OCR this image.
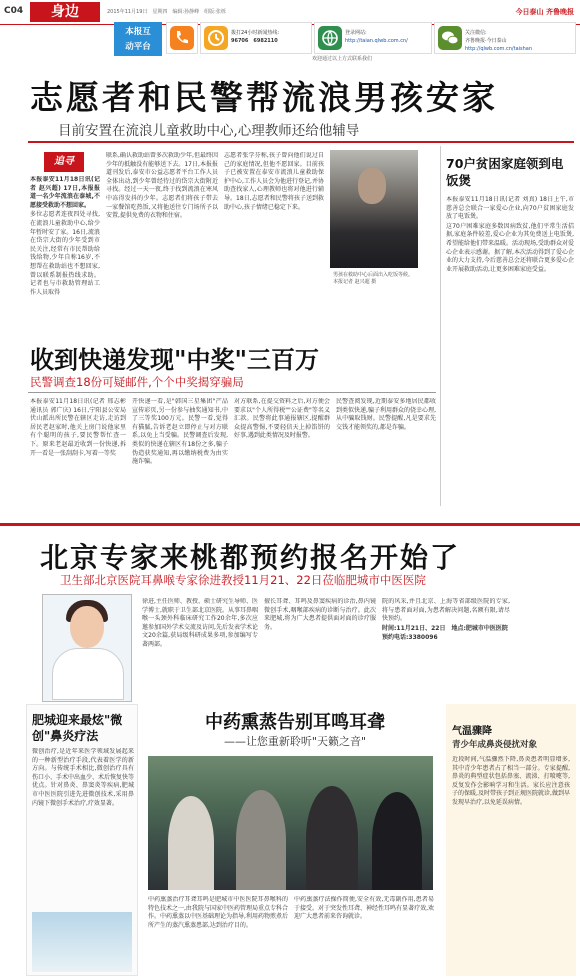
C04	身边	2015年11月19日　星期四　编辑:孙静峰　组版:张栎	今日泰山 齐鲁晚报
本报互
动平台
拨打24小时新闻热线:
96706　6982110
登录网站:
http://taian.qlwb.com.cn/
关注微信:
齐鲁晚报·今日泰山
http://qlwb.com.cn/taishan
欢迎通过以上方式联系我们
志愿者和民警帮流浪男孩安家
目前安置在流浪儿童救助中心,心理教师还给他辅导
追寻

本报泰安11月18日讯(记者 赵兴超) 17日,本报报道一名少年流浪在泰城,不愿接受救助不想回家。

多位志愿者连夜四处寻找,在流浪儿童救助中心,给少年暂时安了家。16日,流浪在岱宗大街的少年受到市民关注,经常有市民帮助给钱给物,少年自称16岁,不想帮在救助站也不想回家,曾以联系制报热线求助。记者也与市救助管理站工作人员取得

联系,确认救助站曾多次救助少年,但最终因少年的抵触没有能够送下去。17日,本报报道刊发后,泰安市公益志愿者平台工作人员全体出动,到少年曾经待过的岱宗大街附近寻找。经过一天一夜,终于找到流浪在寒风中冻得发抖的少年。志愿者们将孩子带去一家餐馆吃热饭,又将他送往专门场所予以安置,提供免费的衣物和住宿。

志愿者张学芬称,孩子曾向他们说过自己的家庭情况,但他不愿回家。目前孩子已被安置在泰安市流浪儿童救助保护中心,工作人员会为他进行登记,并协助查找家人,心理教师也将对他进行辅导。18日,志愿者和民警将孩子送到救助中心,孩子情绪已稳定下来。

男孩在救助中心后面出入吃饭等候。　本报记者 赵兴超 摄
70户贫困家庭领到电饭煲

本报泰安11月18日讯(记者 刘真) 18日上午,市慈善总会联合一家爱心企业,向70户贫困家庭发放了电饭煲。

这70户困难家庭多数因病致贫,他们平常生活拮据,家庭条件较差,爱心企业为其免费送上电饭煲,希望能给他们带来温暖。活动现场,受助群众对爱心企业表示感谢。据了解,本次活动得到了爱心企业的大力支持,今后慈善总会还将联合更多爱心企业开展救助活动,让更多困难家庭受益。

收到快递发现"中奖"三百万
民警调查18份可疑邮件,个个中奖揭穿骗局

本报泰安11月18日讯(记者 邢志彬 通讯员 郭广庆) 16日,宁阳县公安局伏山派出所民警在辖区走访,走访到居民老赵家时,他关上房门说他家里有个聪明的孩子,要民警帮忙查一下。原来老赵最近收到一份快递,拆开一看是一张刮刮卡,写着一等奖

开快递一看,是"韩国三星集团"产品宣传彩页,另一份参与抽奖通知书,中了三等奖100万元。民警一看,觉得有猫腻,告诉老赵立即停止与对方联系,以免上当受骗。民警调查后发现,类似的快递在辖区有18份之多,骗子伪造获奖通知,再以缴纳税费为由实施诈骗。

对方联系,在提交资料之后,对方便会要求以"个人所得税""公证费"等名义汇款。民警将此事通报辖区,提醒群众提高警惕,不要轻信天上掉馅饼的好事,遇到此类情况及时报警。

民警查阅发现,近期泰安多地居民都收到类似快递,骗子利用群众的侥幸心理,从中骗取钱财。民警提醒,凡是要求先交钱才能领奖的,都是诈骗。

北京专家来桃都预约报名开始了
卫生部北京医院耳鼻喉专家徐进教授11月21、22日莅临肥城市中医医院

徐进,主任医师、教授、硕士研究生导师、医学博士,就职于卫生部北京医院。从事耳鼻咽喉一头颈外科临床研究工作20余年,多次应邀参加国外学术交流及访问,先后发表学术论文20余篇,获局级科研成果多项,参加编写专著两部。

擅长耳聋、耳鸣及鼻窦疾病的诊治,鼻内镜微创手术,咽喉部疾病的诊断与治疗。此次来肥城,将为广大患者提供面对面的诊疗服务。

院的风采,并且北京、上海等省部级医院的专家,将与患者面对面,为患者解决问题,名额有限,请尽快预约。

时间:11月21日、22日　地点:肥城市中医医院

预约电话:3380096

肥城迎来最炫"微创"鼻炎疗法

微创治疗,是近年来医学领域发展起来的一种新型治疗手段,代表着医学的新方向。与传统手术相比,微创治疗具有伤口小、手术中出血少、术后恢复快等优点。针对鼻炎、鼻窦炎等疾病,肥城市中医医院引进先进微创技术,采用鼻内镜下微创手术治疗,疗效显著。

中药熏蒸告别耳鸣耳聋
——让您重新聆听"天籁之音"

中药熏蒸治疗耳聋耳鸣是肥城市中医医院耳鼻喉科的特色技术之一,由我院与国家中医药管理局重点专科合作。中药熏蒸以中医基础理论为指导,利用药物煎煮后所产生的蒸汽熏蒸患部,达到治疗目的。

中药熏蒸疗法操作简便,安全有效,无毒副作用,患者易于接受。对于突发性耳聋、神经性耳鸣有显著疗效,欢迎广大患者前来咨询就诊。

气温骤降
青少年成鼻炎侵扰对象

近段时间,气温骤然下降,鼻炎患者明显增多,其中青少年患者占了相当一部分。专家提醒,鼻炎的典型症状包括鼻塞、流涕、打喷嚏等,反复发作会影响学习和生活。家长应注意孩子的保暖,及时带孩子到正规医院就诊,做到早发现早治疗,以免延误病情。
